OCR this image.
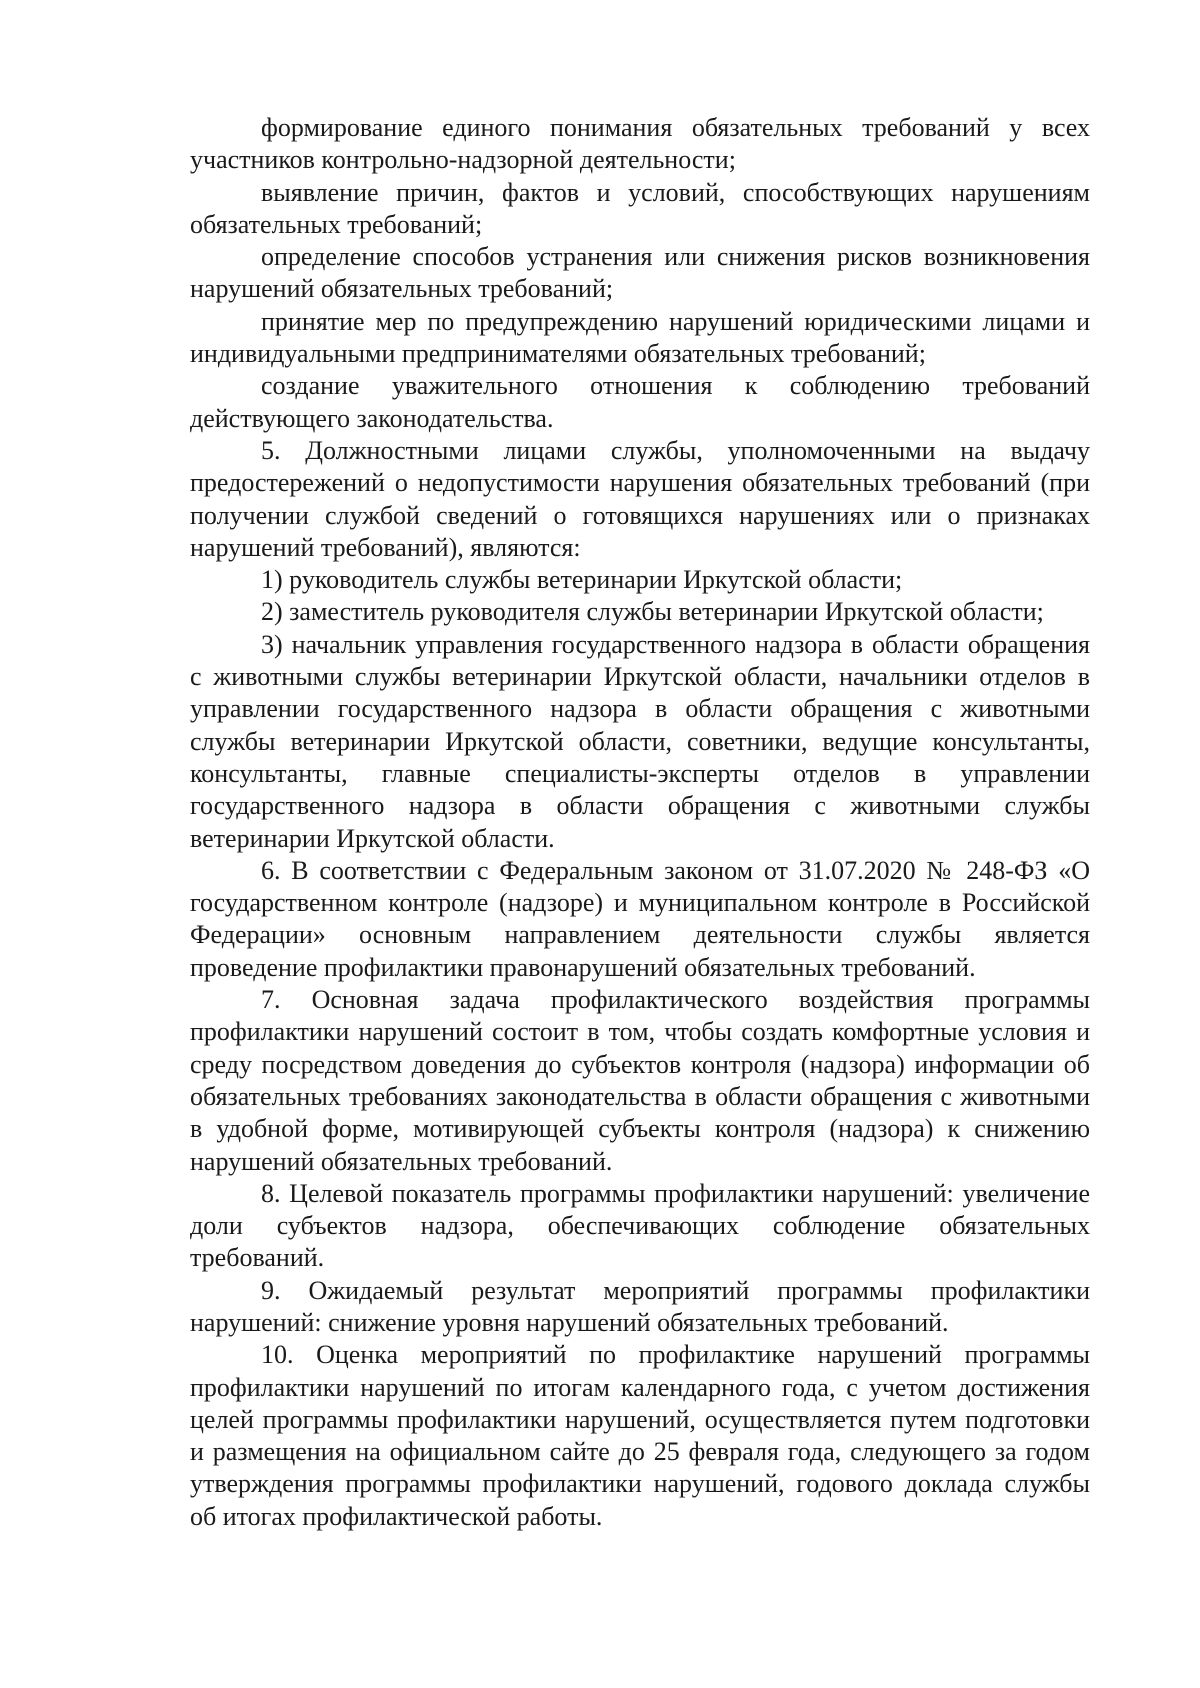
формирование единого понимания обязательных требований у всех участников контрольно-надзорной деятельности;

выявление причин, фактов и условий, способствующих нарушениям обязательных требований;

определение способов устранения или снижения рисков возникновения нарушений обязательных требований;

принятие мер по предупреждению нарушений юридическими лицами и индивидуальными предпринимателями обязательных требований;

создание уважительного отношения к соблюдению требований действующего законодательства.

5. Должностными лицами службы, уполномоченными на выдачу предостережений о недопустимости нарушения обязательных требований (при получении службой сведений о готовящихся нарушениях или о признаках нарушений требований), являются:

1) руководитель службы ветеринарии Иркутской области;

2) заместитель руководителя службы ветеринарии Иркутской области;

3) начальник управления государственного надзора в области обращения с животными службы ветеринарии Иркутской области, начальники отделов в управлении государственного надзора в области обращения с животными службы ветеринарии Иркутской области, советники, ведущие консультанты, консультанты, главные специалисты-эксперты отделов в управлении государственного надзора в области обращения с животными службы ветеринарии Иркутской области.

6. В соответствии с Федеральным законом от 31.07.2020 № 248-ФЗ «О государственном контроле (надзоре) и муниципальном контроле в Российской Федерации» основным направлением деятельности службы является проведение профилактики правонарушений обязательных требований.

7. Основная задача профилактического воздействия программы профилактики нарушений состоит в том, чтобы создать комфортные условия и среду посредством доведения до субъектов контроля (надзора) информации об обязательных требованиях законодательства в области обращения с животными в удобной форме, мотивирующей субъекты контроля (надзора) к снижению нарушений обязательных требований.

8. Целевой показатель программы профилактики нарушений: увеличение доли субъектов надзора, обеспечивающих соблюдение обязательных требований.

9. Ожидаемый результат мероприятий программы профилактики нарушений: снижение уровня нарушений обязательных требований.

10. Оценка мероприятий по профилактике нарушений программы профилактики нарушений по итогам календарного года, с учетом достижения целей программы профилактики нарушений, осуществляется путем подготовки и размещения на официальном сайте до 25 февраля года, следующего за годом утверждения программы профилактики нарушений, годового доклада службы об итогах профилактической работы.
